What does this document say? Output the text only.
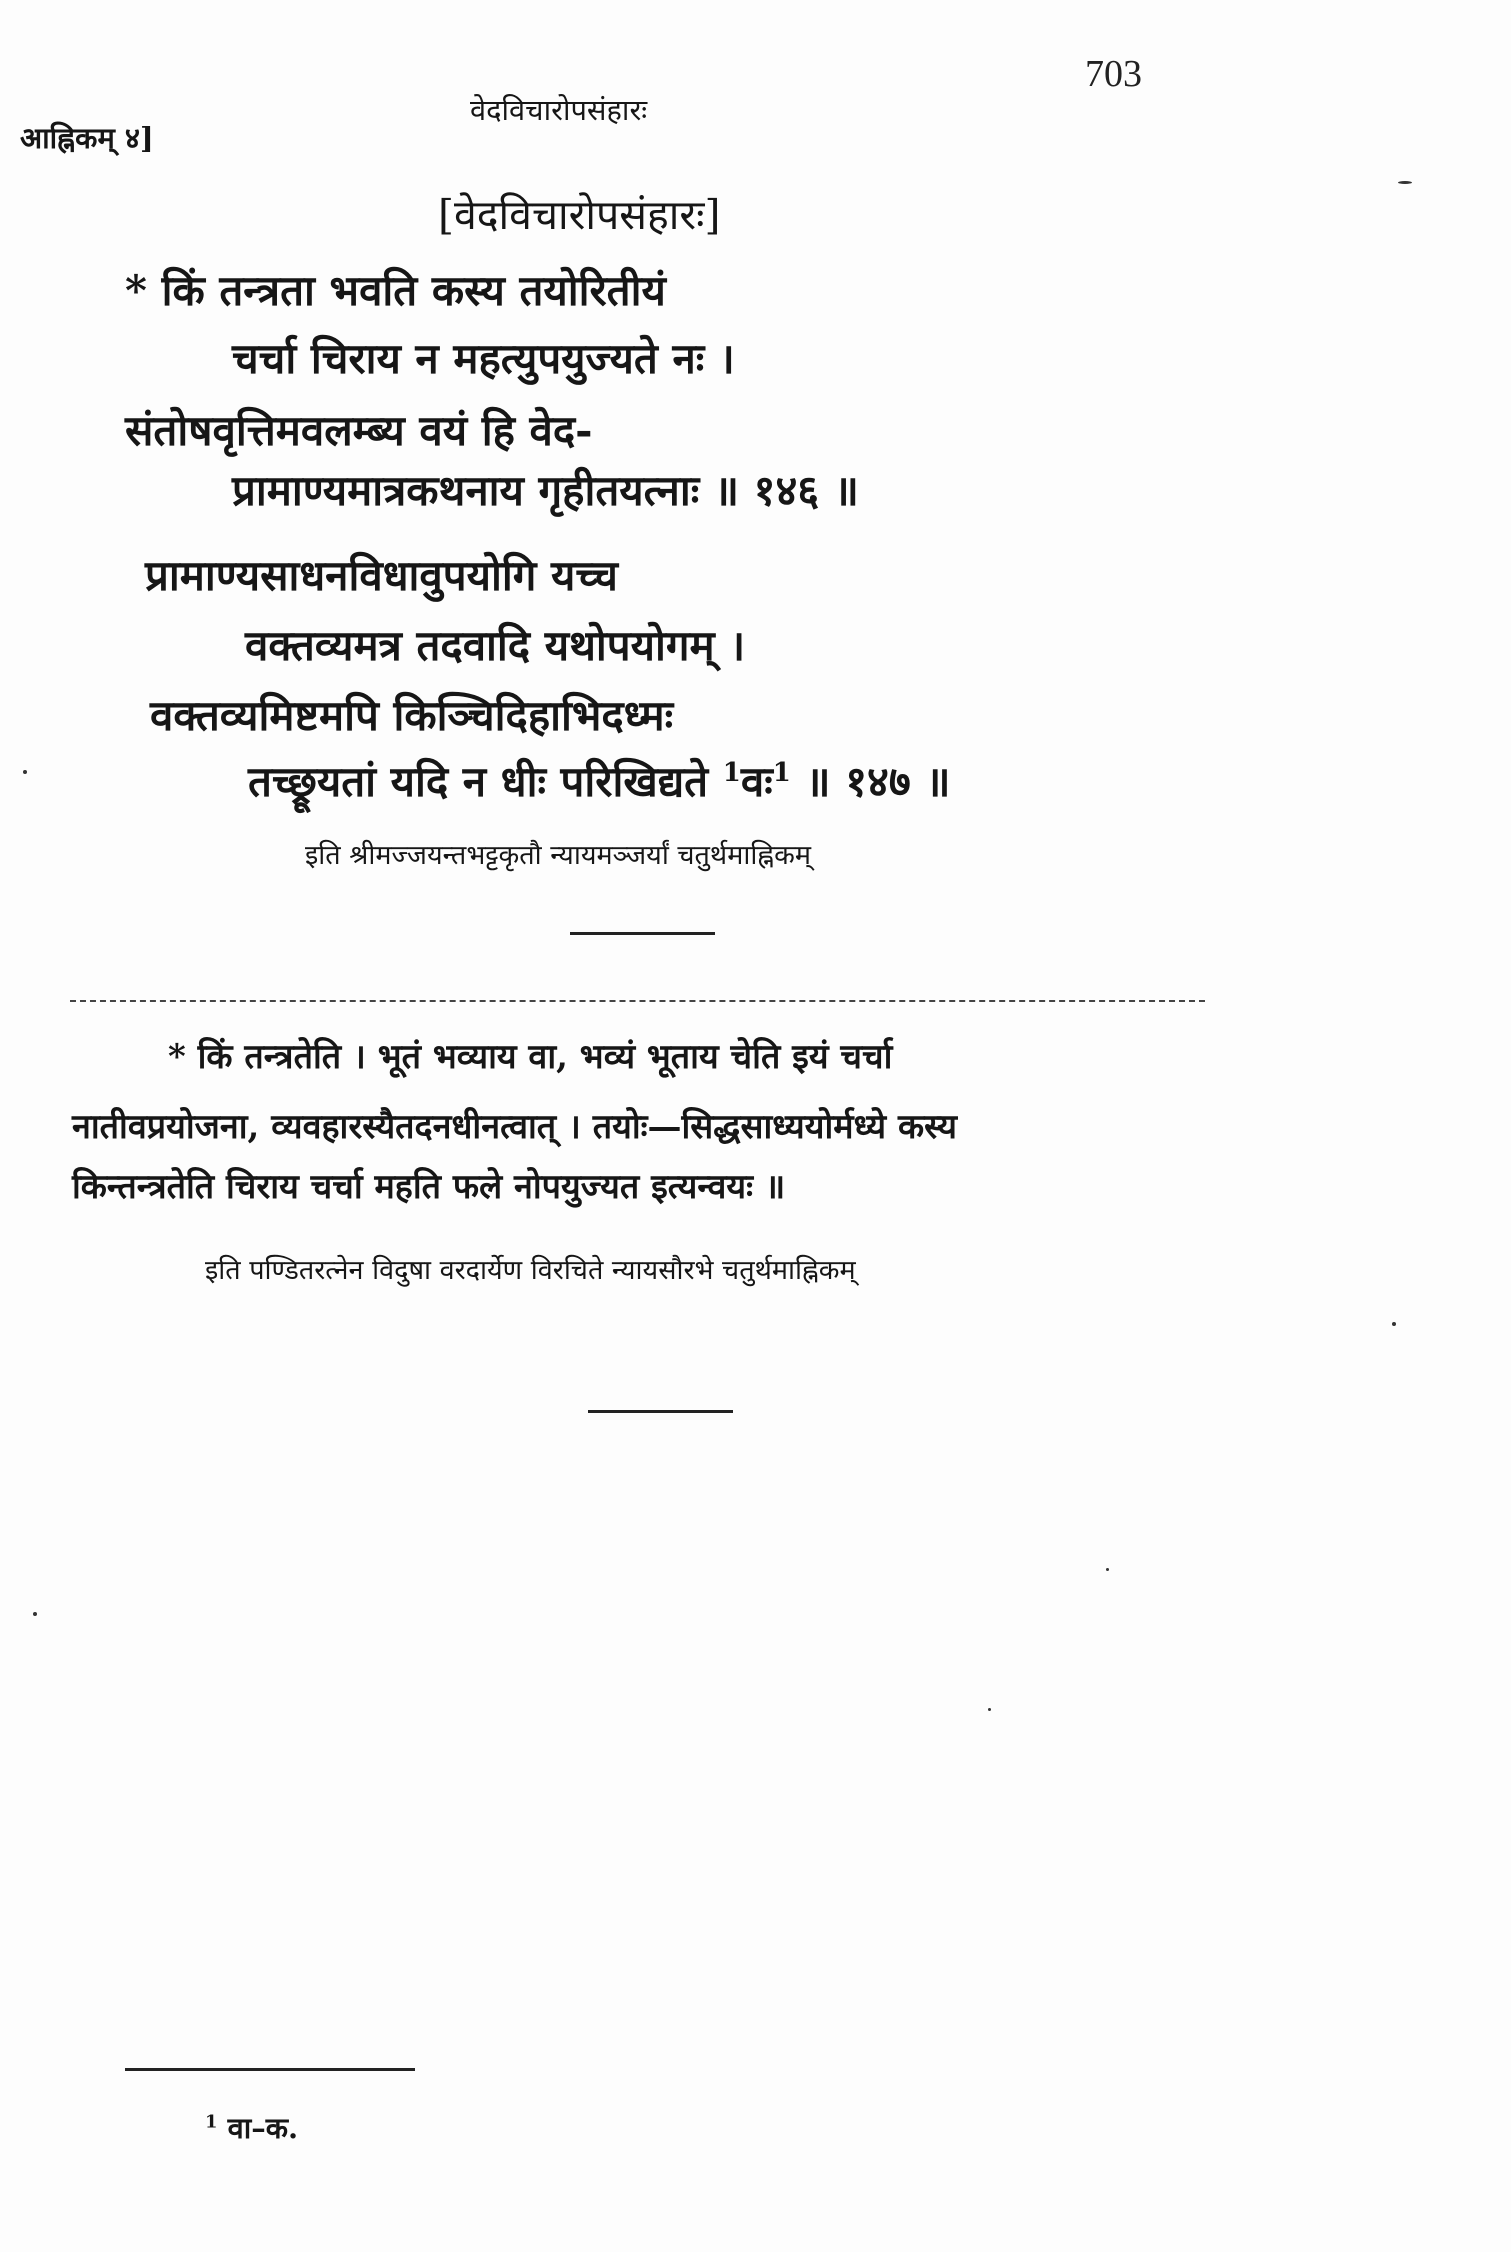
703
आह्निकम् ४]
वेदविचारोपसंहारः
[वेदविचारोपसंहारः]
* किं तन्त्रता भवति कस्य तयोरितीयं
चर्चा चिराय न महत्युपयुज्यते नः ।
संतोषवृत्तिमवलम्ब्य वयं हि वेद-
प्रामाण्यमात्रकथनाय गृहीतयत्नाः ॥ १४६ ॥
प्रामाण्यसाधनविधावुपयोगि यच्च
वक्तव्यमत्र तदवादि यथोपयोगम् ।
वक्तव्यमिष्टमपि किञ्चिदिहाभिदध्मः
तच्छ्रूयतां यदि न धीः परिखिद्यते $^1$वः$^1$ ॥ १४७ ॥
इति श्रीमज्जयन्तभट्टकृतौ न्यायमञ्जर्यां चतुर्थमाह्निकम्
* किं तन्त्रतेति । भूतं भव्याय वा, भव्यं भूताय चेति इयं चर्चा
नातीवप्रयोजना, व्यवहारस्यैतदनधीनत्वात् । तयोः—सिद्धसाध्ययोर्मध्ये कस्य
किन्तन्त्रतेति चिराय चर्चा महति फले नोपयुज्यत इत्यन्वयः ॥
इति पण्डितरत्नेन विदुषा वरदार्येण विरचिते न्यायसौरभे चतुर्थमाह्निकम्
$^1$ वा–क.
